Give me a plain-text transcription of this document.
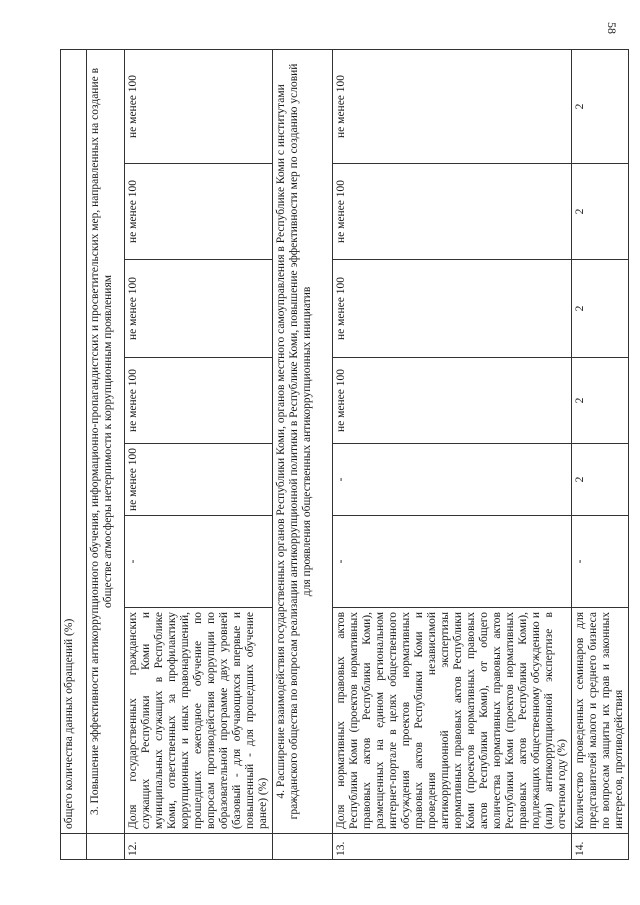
58
	общего количества данных обращений (%)						
	3. Повышение эффективности антикоррупционного обучения, информационно-пропагандистских и просветительских мер, направленных на создание в обществе атмосферы нетерпимости к коррупционным проявлениям						
12.	Доля государственных гражданских служащих Республики Коми и муниципальных служащих в Республике Коми, ответственных за профилактику коррупционных и иных правонарушений, прошедших ежегодное обучение по вопросам противодействия коррупции по образовательной программе двух уровней (базовый - для обучающихся впервые и повышенный - для прошедших обучение ранее) (%)	-	не менее 100	не менее 100	не менее 100	не менее 100	не менее 100
	4. Расширение взаимодействия государственных органов Республики Коми, органов местного самоуправления в Республике Коми с институтами гражданского общества по вопросам реализации антикоррупционной политики в Республике Коми, повышение эффективности мер по созданию условий для проявления общественных антикоррупционных инициатив						
13.	Доля нормативных правовых актов Республики Коми (проектов нормативных правовых актов Республики Коми), размещенных на едином региональном интернет-портале в целях общественного обсуждения проектов нормативных правовых актов Республики Коми и проведения независимой антикоррупционной экспертизы нормативных правовых актов Республики Коми (проектов нормативных правовых актов Республики Коми), от общего количества нормативных правовых актов Республики Коми (проектов нормативных правовых актов Республики Коми), подлежащих общественному обсуждению и (или) антикоррупционной экспертизе в отчетном году (%)	-	-	не менее 100	не менее 100	не менее 100	не менее 100
14.	Количество проведенных семинаров для представителей малого и среднего бизнеса по вопросам защиты их прав и законных интересов, противодействия	-	2	2	2	2	2
